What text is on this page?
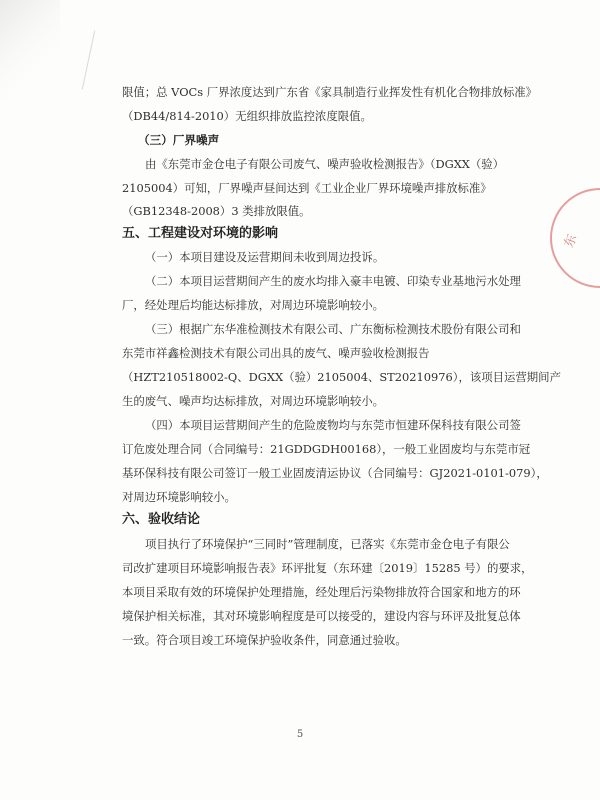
限值；总 VOCs 厂界浓度达到广东省《家具制造行业挥发性有机化合物排放标准》
（DB44/814-2010）无组织排放监控浓度限值。
（三）厂界噪声
由《东莞市金仓电子有限公司废气、噪声验收检测报告》（DGXX（验）
2105004）可知，厂界噪声昼间达到《工业企业厂界环境噪声排放标准》
（GB12348-2008）3 类排放限值。
五、工程建设对环境的影响
（一）本项目建设及运营期间未收到周边投诉。
（二）本项目运营期间产生的废水均排入豪丰电镀、印染专业基地污水处理
厂，经处理后均能达标排放，对周边环境影响较小。
（三）根据广东华准检测技术有限公司、广东衡标检测技术股份有限公司和
东莞市祥鑫检测技术有限公司出具的废气、噪声验收检测报告
（HZT210518002-Q、DGXX（验）2105004、ST20210976），该项目运营期间产
生的废气、噪声均达标排放，对周边环境影响较小。
（四）本项目运营期间产生的危险废物均与东莞市恒建环保科技有限公司签
订危废处理合同（合同编号：21GDDGDH00168），一般工业固废均与东莞市冠
基环保科技有限公司签订一般工业固废清运协议（合同编号：GJ2021-0101-079），
对周边环境影响较小。
六、验收结论
项目执行了环境保护“三同时”管理制度，已落实《东莞市金仓电子有限公
司改扩建项目环境影响报告表》环评批复（东环建〔2019〕15285 号）的要求，
本项目采取有效的环境保护处理措施，经处理后污染物排放符合国家和地方的环
境保护相关标准，其对环境影响程度是可以接受的，建设内容与环评及批复总体
一致。符合项目竣工环境保护验收条件，同意通过验收。
5
东
